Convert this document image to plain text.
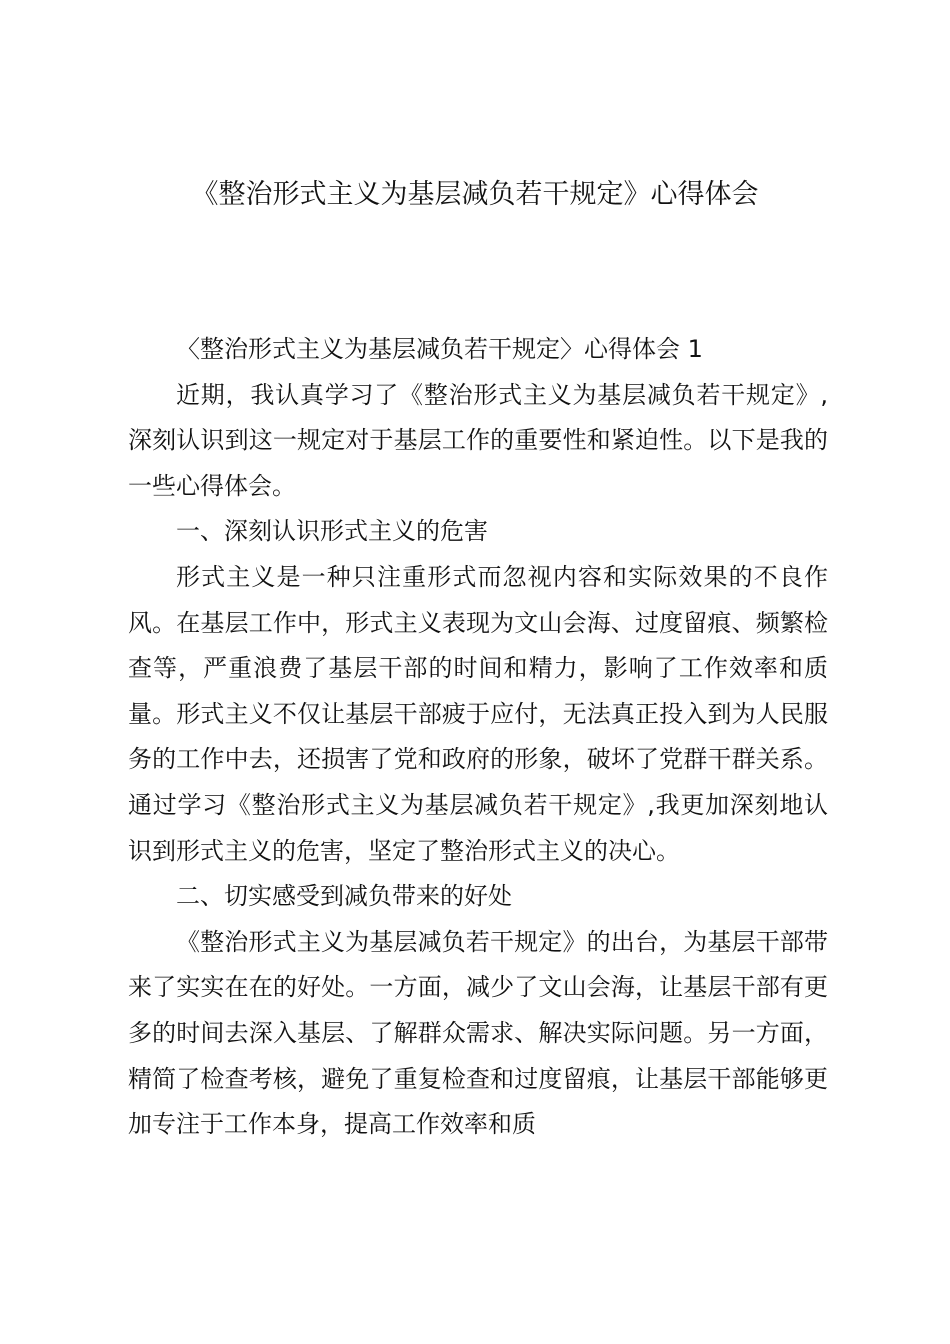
《整治形式主义为基层减负若干规定》心得体会

〈整治形式主义为基层减负若干规定〉心得体会 1

近期，我认真学习了《整治形式主义为基层减负若干规定》,深刻认识到这一规定对于基层工作的重要性和紧迫性。以下是我的一些心得体会。

一、深刻认识形式主义的危害

形式主义是一种只注重形式而忽视内容和实际效果的不良作风。在基层工作中，形式主义表现为文山会海、过度留痕、频繁检查等，严重浪费了基层干部的时间和精力，影响了工作效率和质量。形式主义不仅让基层干部疲于应付，无法真正投入到为人民服务的工作中去，还损害了党和政府的形象，破坏了党群干群关系。通过学习《整治形式主义为基层减负若干规定》,我更加深刻地认识到形式主义的危害，坚定了整治形式主义的决心。

二、切实感受到减负带来的好处

《整治形式主义为基层减负若干规定》的出台，为基层干部带来了实实在在的好处。一方面，减少了文山会海，让基层干部有更多的时间去深入基层、了解群众需求、解决实际问题。另一方面，精简了检查考核，避免了重复检查和过度留痕，让基层干部能够更加专注于工作本身，提高工作效率和质
